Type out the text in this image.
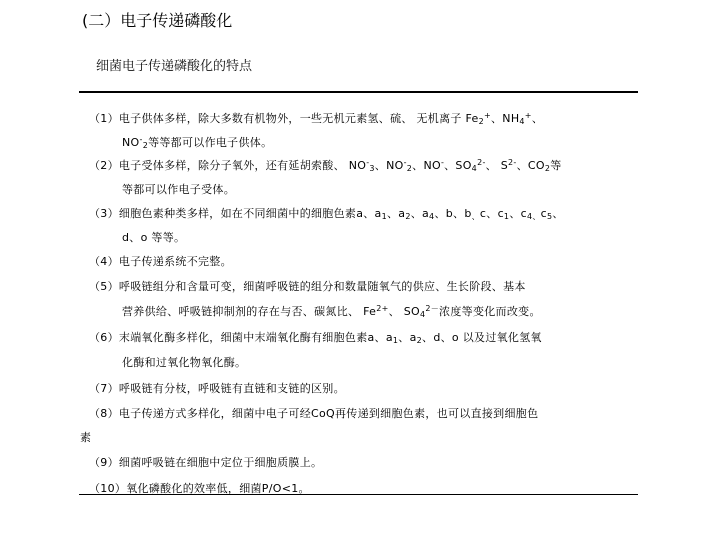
(二）电子传递磷酸化
细菌电子传递磷酸化的特点
（1）电子供体多样，除大多数有机物外，一些无机元素氢、硫、 无机离子 $Fe_2^+$、$NH_4^+$、
$NO^-_2$等等都可以作电子供体。
（2）电子受体多样，除分子氧外，还有延胡索酸、 $NO^-_3$、$NO^-_2$、NO-、$SO_4^{2-}$、 $S^{2-}$、$CO_2$等
等都可以作电子受体。
（3）细胞色素种类多样，如在不同细菌中的细胞色素a、$a_1$、$a_2$、$a_4$、b、$b_、c$、$c_1$、$c_{4、}c_5$、
d、o 等等。
（4）电子传递系统不完整。
（5）呼吸链组分和含量可变，细菌呼吸链的组分和数量随氧气的供应、生长阶段、基本
营养供给、呼吸链抑制剂的存在与否、碳氮比、 $Fe^{2+}$、 $SO_4^{2-}$浓度等变化而改变。
（6）末端氧化酶多样化，细菌中末端氧化酶有细胞色素a、$a_1$、$a_2$、d、o 以及过氧化氢氧
化酶和过氧化物氧化酶。
（7）呼吸链有分枝，呼吸链有直链和支链的区别。
（8）电子传递方式多样化，细菌中电子可经CoQ再传递到细胞色素，也可以直接到细胞色
素
（9）细菌呼吸链在细胞中定位于细胞质膜上。
（10）氧化磷酸化的效率低，细菌P/O<1。
